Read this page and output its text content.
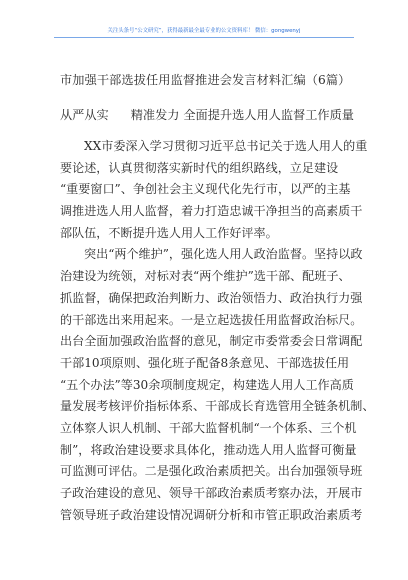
关注头条号“公文研究”，获得最新最全最专业的公文资料库！ 微信：gongwenyj
市加强干部选拔任用监督推进会发言材料汇编（6篇）
从严从实 精准发力 全面提升选人用人监督工作质量
XX市委深入学习贯彻习近平总书记关于选人用人的重
要论述，认真贯彻落实新时代的组织路线，立足建设
“重要窗口”、争创社会主义现代化先行市，以严的主基
调推进选人用人监督，着力打造忠诚干净担当的高素质干
部队伍，不断提升选人用人工作好评率。
突出“两个维护”，强化选人用人政治监督。坚持以政
治建设为统领，对标对表“两个维护”选干部、配班子、
抓监督，确保把政治判断力、政治领悟力、政治执行力强
的干部选出来用起来。一是立起选拔任用监督政治标尺。
出台全面加强政治监督的意见，制定市委常委会日常调配
干部10项原则、强化班子配备8条意见、干部选拔任用
“五个办法”等30余项制度规定，构建选人用人工作高质
量发展考核评价指标体系、干部成长育选管用全链条机制、
立体察人识人机制、干部大监督机制“一个体系、三个机
制”，将政治建设要求具体化，推动选人用人监督可衡量
可监测可评估。二是强化政治素质把关。出台加强领导班
子政治建设的意见、领导干部政治素质考察办法，开展市
管领导班子政治建设情况调研分析和市管正职政治素质考
